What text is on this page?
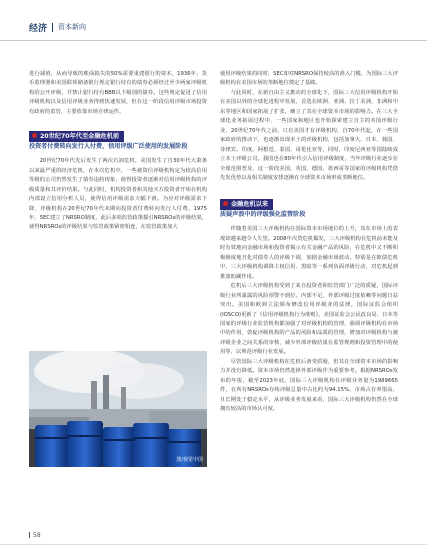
经济 资本新向

进行减值，从而导致的账面损失的50%需要重建银行的资本，1936年，货币监理署和美国联邦储备银行规定银行持有的债券必须经过至少两家评级机构的公开评级，并禁止银行持有BBB以下级别的债券。这些规定促进了信用评级机构以及信用评级业务得到快速发展，但在这一阶段信用评级市场投资有政府的监管，主要依靠市场自律运作。

20世纪70年代至金融危机前

投资者付费转向发行人付费，信用评级广泛使用的发展阶段

20世纪70年代先后发生了两次石油危机，美国发生了自30年代大萧条以来最严重的经济危机，在本次危机中，一些被资信评级机构定为较高信用等级的公司仍然发生了债券违约现象，使得投资者逐渐对信用评级机构的评级质量和其评价结果。与此同时，机构投资者和其他买方投资者开始在机构内部设立信用分析人员，使得信用评级需求大幅下滑。为应对评级需求下降，评级机构在20世纪70年代末期向投资者付费转向发行人付费。1975年，SEC建立了NRSRO制度，此后多项监管政策援引NRSROs的评级结果，使得NRSROs的评级结果与监管政策紧密相连，在监管政策加大

图/视觉中国

使用评级结果的同时，SEC却对NRSRO保持较高的准入门槛，为国际三大评级机构在美国市场的垄断地位奠定了基础。

与此同时，在新自由主义推动的全球化下，国际三大信用评级机构开始在美国以外的全球化进程中发展，首选在欧洲、亚洲、拉丁美洲，非洲和中东等地区和国家拓展了扩张，确立了其在全球资本市场的影响力。在三大全球化业务拓展过程中，一些国家和地区也开始探索建立自主的本国评级行业，20世纪70年代之前，只有美国才有评级机构，自70年代起，在一些国家政府的推动下，也逐渐出现本土的评级机构，包括加拿大、日本、韩国、菲律宾、印度、阿根廷、泰国、哥伦比亚等，同时，印度尼西亚等国陆续成立本土评级公司。我国也在80年代引入信用评级制度，当年评级行业逐步在全球范围普及，这一阶段美国、英国、德国、墨西哥等国家的评级机构凭借先发优势以及相关制度安排逐渐在全球资本市场形成垄断地位。

金融危机以来

质疑声浪中的评级强化监管阶段

伴随着美国三大评级机构在国际资本市场地位的上升，其在市场上的表现却越来越令人失望。2008年次贷危机爆发，三大评级机构在危机前未能及时有效地向金融市场和投资者揭示有关金融产品的风险，在危机中又不断积极极度地丑化对债券人的评级下调，加剧金融市场波动。特别是在欧债危机中，三大评级机构调降主权信用、黑暗等一系列负面评级行动，对危机起到推波助澜作用。

危机后三大评级机构受到了来自投资者和监管部门广泛的质疑，国际评级行业所暴露的风险预警不到位、内部不足、外部评级过度依赖等问题日益突出。美国和欧洲立法颁布修改信用评级业的法律，国际证监会组织(IOSCO)更新了《信用评级机构行为准则》，美国证监会公民改良局、日本等国家的评级行业监管机构都加强了对评级机构的管理，强调评级机构在市场中的作用，敦促评级机构的产品的风险和品质的管理，增加对评级机构与被评级企业之间关系的审核，减少外部评级结果在监管规则和投资管理中的使用等，以规范评级行业发展。

尽管国际三大评级机构在危机后备受质疑，但其在全球资本市场的影响力并没有降低。资本市场仍然选择外部评级作为重要参考。根据NRSROs发布的年报，截至2023年底，国际三大评级机构在评级业务量为1989665件，在所有NRSROs存续评级总量中占比约为94.15%，市场占有率很高，且长期处于稳定水平，从评级业务发展来看，国际三大评级机构仍然在全球拥有较高的市场认可度。

58
